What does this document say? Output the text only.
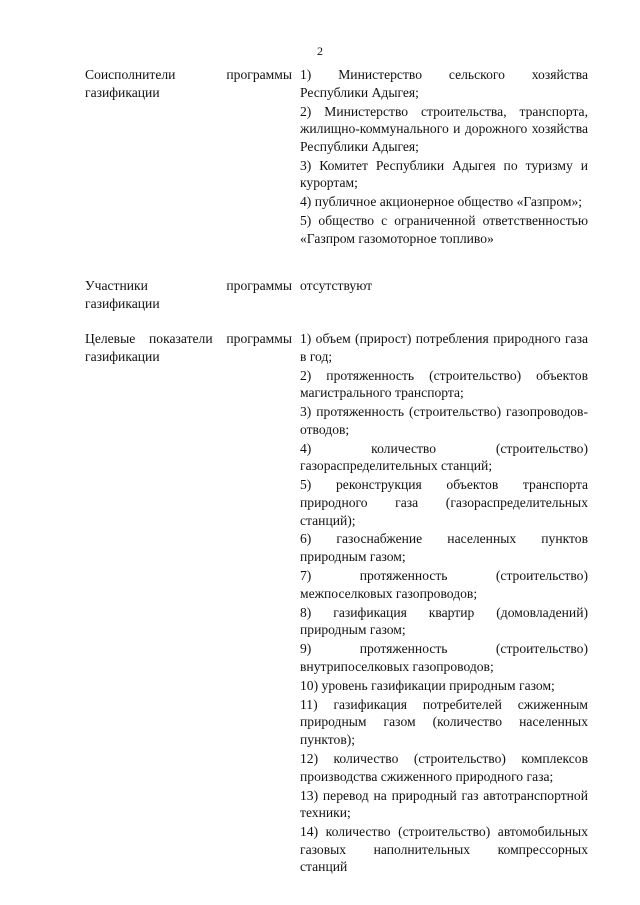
2
Соисполнители программы газификации
1) Министерство сельского хозяйства Республики Адыгея;
2) Министерство строительства, транспорта, жилищно-коммунального и дорожного хозяйства Республики Адыгея;
3) Комитет Республики Адыгея по туризму и курортам;
4) публичное акционерное общество «Газпром»;
5) общество с ограниченной ответственностью «Газпром газомоторное топливо»
Участники программы газификации
отсутствуют
Целевые показатели программы газификации
1) объем (прирост) потребления природного газа в год;
2) протяженность (строительство) объектов магистрального транспорта;
3) протяженность (строительство) газопроводов-отводов;
4) количество (строительство) газораспределительных станций;
5) реконструкция объектов транспорта природного газа (газораспределительных станций);
6) газоснабжение населенных пунктов природным газом;
7) протяженность (строительство) межпоселковых газопроводов;
8) газификация квартир (домовладений) природным газом;
9) протяженность (строительство) внутрипоселковых газопроводов;
10) уровень газификации природным газом;
11) газификация потребителей сжиженным природным газом (количество населенных пунктов);
12) количество (строительство) комплексов производства сжиженного природного газа;
13) перевод на природный газ автотранспортной техники;
14) количество (строительство) автомобильных газовых наполнительных компрессорных станций
